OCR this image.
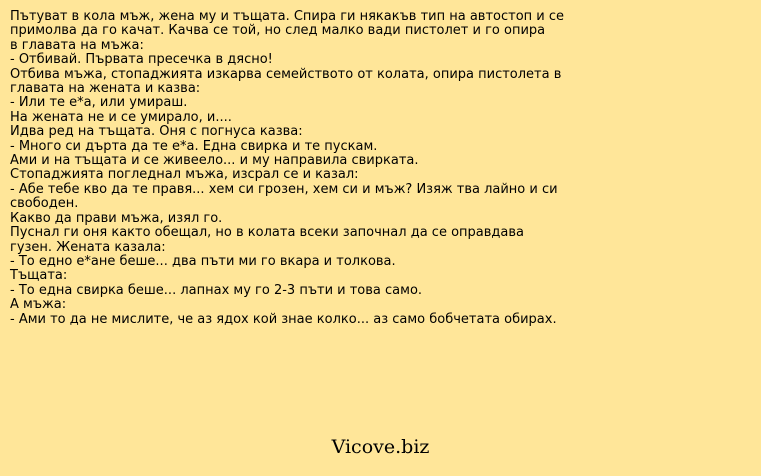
Пътуват в кола мъж, жена му и тъщата. Спира ги някакъв тип на автостоп и се
примолва да го качат. Качва се той, но след малко вади пистолет и го опира
в главата на мъжа:
- Отбивай. Първата пресечка в дясно!
Отбива мъжа, стопаджията изкарва семейството от колата, опира пистолета в
главата на жената и казва:
- Или те е*а, или умираш.
На жената не и се умирало, и....
Идва ред на тъщата. Оня с погнуса казва:
- Много си дърта да те е*а. Една свирка и те пускам.
Ами и на тъщата и се живеело... и му направила свирката.
Стопаджията погледнал мъжа, изсрал се и казал:
- Абе тебе кво да те правя... хем си грозен, хем си и мъж? Изяж тва лайно и си
свободен.
Какво да прави мъжа, изял го.
Пуснал ги оня както обещал, но в колата всеки започнал да се оправдава
гузен. Жената казала:
- То едно е*ане беше... два пъти ми го вкара и толкова.
Тъщата:
- То една свирка беше... лапнах му го 2-3 пъти и това само.
А мъжа:
- Ами то да не мислите, че аз ядох кой знае колко... аз само бобчетата обирах.
Vicove.biz
